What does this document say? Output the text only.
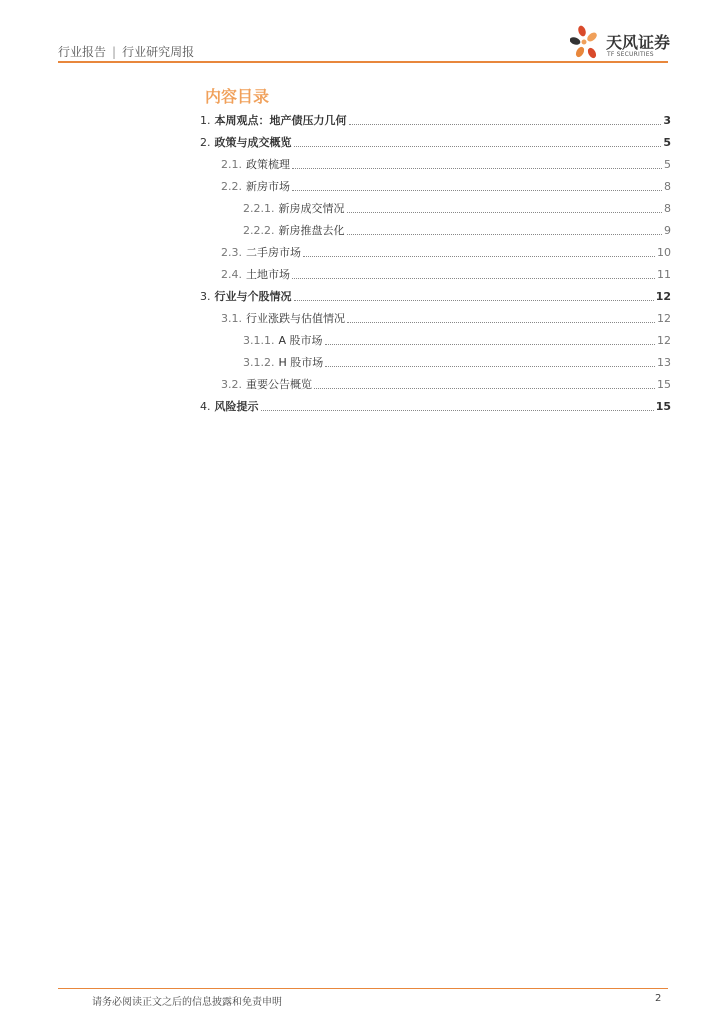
行业报告 | 行业研究周报	天风证券
TF SECURITIES
内容目录
1. 本周观点：地产债压力几何	3
2. 政策与成交概览	5
2.1. 政策梳理	5
2.2. 新房市场	8
2.2.1. 新房成交情况	8
2.2.2. 新房推盘去化	9
2.3. 二手房市场	10
2.4. 土地市场	11
3. 行业与个股情况	12
3.1. 行业涨跌与估值情况	12
3.1.1. A 股市场	12
3.1.2. H 股市场	13
3.2. 重要公告概览	15
4. 风险提示	15
请务必阅读正文之后的信息披露和免责申明	2
